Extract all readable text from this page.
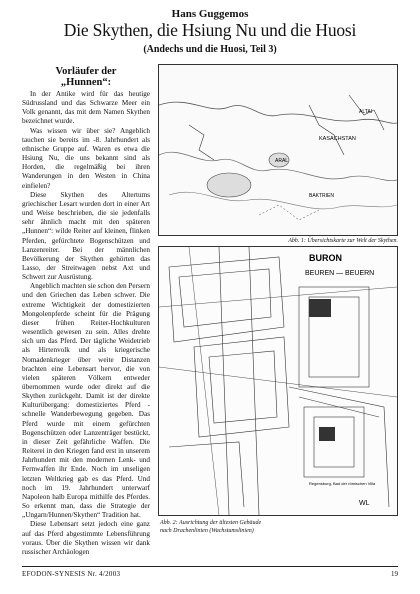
Hans Guggemos
Die Skythen, die Hsiung Nu und die Huosi
(Andechs und die Huosi, Teil 3)
Vorläufer der
„Hunnen“:

In der Antike wird für das heutige Südrussland und das Schwarze Meer ein Volk genannt, das mit dem Namen Skythen bezeichnet wurde.

Was wissen wir über sie? Angeblich tauchen sie bereits im -8. Jahrhundert als ethnische Gruppe auf. Waren es etwa die Hsiung Nu, die uns bekannt sind als Horden, die regelmäßig bei ihren Wanderungen in den Westen in China einfielen?

Diese Skythen des Altertums griechischer Lesart wurden dort in einer Art und Weise beschrieben, die sie jedenfalls sehr ähnlich macht mit den späteren „Hunnen“: wilde Reiter auf kleinen, flinken Pferden, gefürchtete Bogenschützen und Lanzenreiter. Bei der männlichen Bevölkerung der Skythen gehörten das Lasso, der Streitwagen nebst Axt und Schwert zur Ausrüstung.

Angeblich machten sie schon den Persern und den Griechen das Leben schwer. Die extreme Wichtigkeit der domestizierten Mongolenpferde scheint für die Prägung dieser frühen Reiter-Hochkulturen wesentlich gewesen zu sein. Alles drehte sich um das Pferd. Der tägliche Weidetrieb als Hirtenvolk und als kriegerische Nomadenkrieger über weite Distanzen brachten eine Lebensart hervor, die von vielen späteren Völkern entweder übernommen wurde oder direkt auf die Skythen zurückgeht. Damit ist der direkte Kulturübergang: domestiziertes Pferd - schnelle Wanderbewegung gegeben. Das Pferd wurde mit einem gefürchten Bogenschützen oder Lanzenträger bestückt, in dieser Zeit gefährliche Waffen. Die Reiterei in den Kriegen fand erst in unserem Jahrhundert mit den modernen Lenk- und Fernwaffen ihr Ende. Noch im unseligen letzten Weltkrieg gab es das Pferd. Und noch im 19. Jahrhundert unterwarf Napoleon halb Europa mithilfe des Pferdes. So erkennt man, dass die Strategie der „Ungarn/Hunnen/Skythen“ Tradition hat.

Diese Lebensart setzt jedoch eine ganz auf das Pferd abgestimmte Lebensführung voraus. Über die Skythen wissen wir dank russischer Archäologen

KASACHSTAN
ARAL
ALTAI
BAKTRIEN
Abb. 1: Übersichtskarte zur Welt der Skythen.
BURON
BEUREN — BEUERN
Regensburg, Bad der römischen Villa
WL
Abb. 2: Ausrichtung der ältesten Gebäude nach Drachenlinien (Wachstumslinien)
EFODON-SYNESIS Nr. 4/2003	19
